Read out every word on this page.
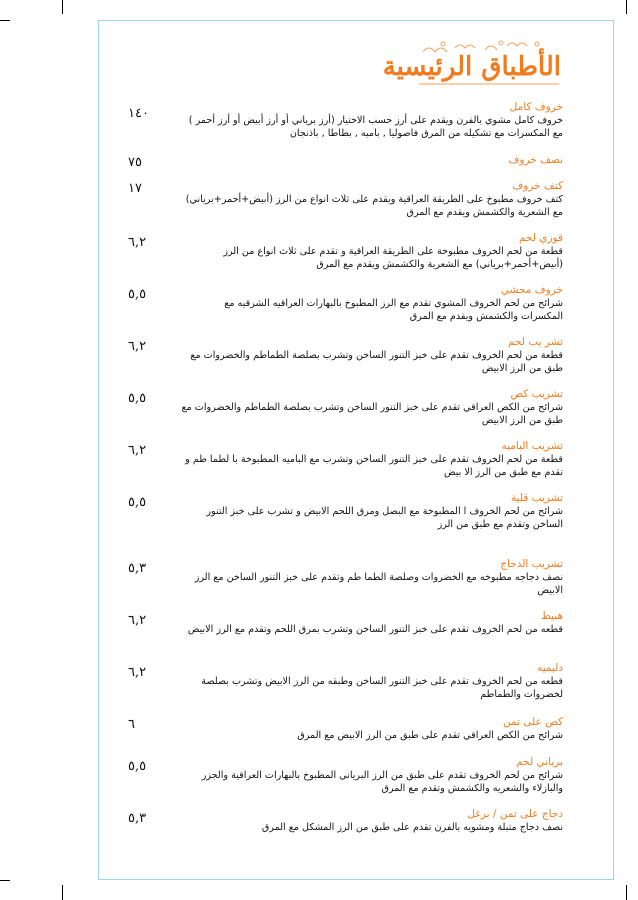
الأطباق الرئيسية
١٤٠	خروف كامل
خروف كامل مشوي بالفرن ويقدم على أرز حسب الاختيار (أرز برياني أو أرز أبيض أو أرز أحمر ) مع المكسرات مع تشكيله من المرق فاصوليا , باميه , بطاطا , باذنجان
٧٥	نصف خروف
١٧	كتف خروف
كتف خروف مطبوخ على الطريقة العراقية ويقدم على ثلاث انواع من الرز (أبيض+أحمر+برياني) مع الشعرية والكشمش ويقدم مع المرق
٦,٢	قوزي لحم
قطعة من لحم الخروف مطبوخة على الطريقة العراقية و تقدم على ثلاث انواع من الرز (أبيض+أحمر+برياني) مع الشعرية والكشمش ويقدم مع المرق
٥,٥	خروف محشي
شرائح من لحم الخروف المشوي تقدم مع الرز المطبوخ بالبهارات العراقيه الشرقيه مع المكسرات والكشمش ويقدم مع المرق
٦,٢	تشر يب لحم
قطعة من لحم الخروف تقدم على خبز التنور الساخن وتشرب بصلصة الطماطم والخضروات مع طبق من الرز الابيض
٥,٥	تشريب كص
شرائح من الكص العراقي تقدم على خبز التنور الساخن وتشرب بصلصة الطماطم والخضروات مع طبق من الرز الابيض
٦,٢	تشريب الباميه
قطعة من لحم الخروف تقدم على خبز التنور الساخن وتشرب مع الباميه المطبوخة با لطما طم و تقدم مع طبق من الرز الا بيض
٥,٥	تشريب قلية
شرائح من لحم الخروف ا المطبوخة مع البصل ومرق اللحم الابيض و تشرب على خبز التنور الساخن وتقدم مع طبق من الرز
٥,٣	تشريب الدجاج
نصف دجاجه مطبوخه مع الخضروات وصلصة الطما طم وتقدم على خبز التنور الساخن مع الرز الابيض
٦,٢	هبيط
قطعه من لحم الخروف تقدم على خبز التنور الساخن وتشرب بمرق اللحم وتقدم مع الرز الابيض
٦,٢	دليميه
قطعه من لحم الخروف تقدم على خبز التنور الساخن وطبقه من الرز الابيض وتشرب بصلصة لخضروات والطماطم
٦	كص على تمن
شرائح من الكص العراقي تقدم على طبق من الرز الابيض مع المرق
٥,٥	برياني لحم
شرائح من لحم الخروف تقدم على طبق من الرز البرياني المطبوخ بالبهارات العراقية والجزر والبازلاء والشعريه والكشمش وتقدم مع المرق
٥,٣	دجاج على تمن / برغل
نصف دجاج متبلة ومشويه بالفرن تقدم على طبق من الرز المشكل مع المرق
